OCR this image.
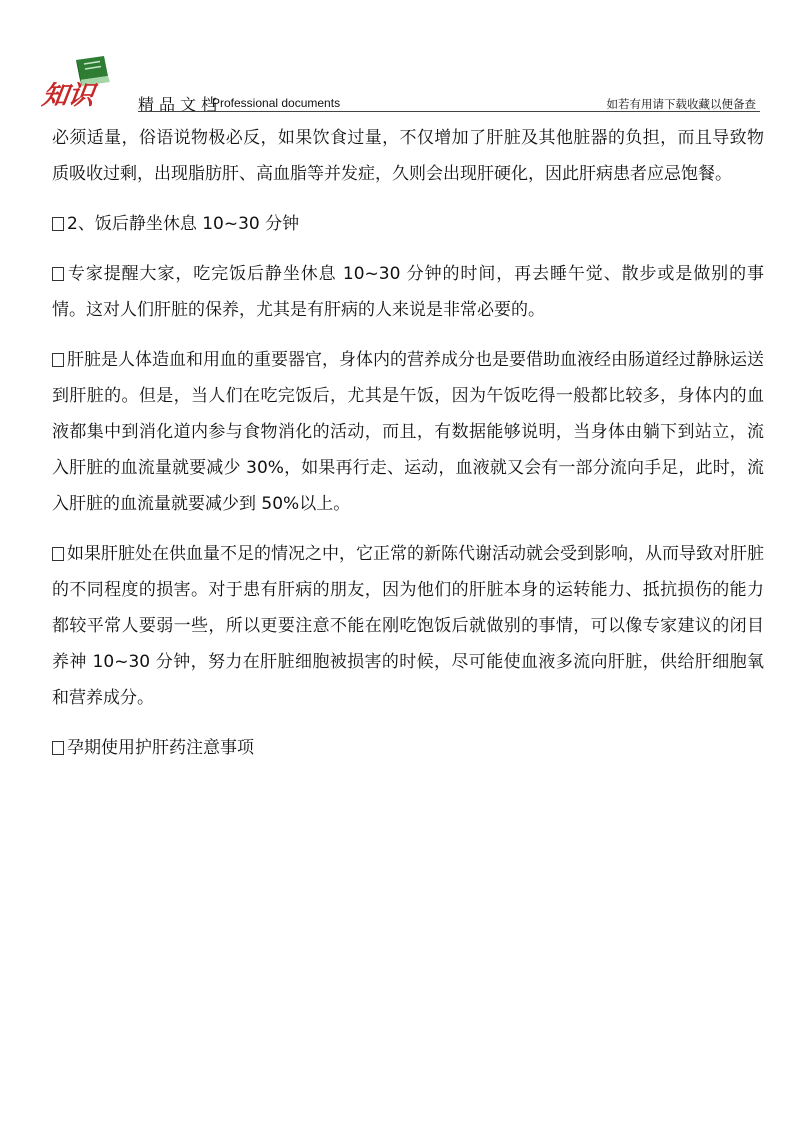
知识	精品文档
Professional documents	如若有用请下载收藏以便备查

必须适量，俗语说物极必反，如果饮食过量，不仅增加了肝脏及其他脏器的负担，而且导致物质吸收过剩，出现脂肪肝、高血脂等并发症，久则会出现肝硬化，因此肝病患者应忌饱餐。

2、饭后静坐休息 10~30 分钟

专家提醒大家，吃完饭后静坐休息 10~30 分钟的时间，再去睡午觉、散步或是做别的事情。这对人们肝脏的保养，尤其是有肝病的人来说是非常必要的。

肝脏是人体造血和用血的重要器官，身体内的营养成分也是要借助血液经由肠道经过静脉运送到肝脏的。但是，当人们在吃完饭后，尤其是午饭，因为午饭吃得一般都比较多，身体内的血液都集中到消化道内参与食物消化的活动，而且，有数据能够说明，当身体由躺下到站立，流入肝脏的血流量就要减少 30%，如果再行走、运动，血液就又会有一部分流向手足，此时，流入肝脏的血流量就要减少到 50%以上。

如果肝脏处在供血量不足的情况之中，它正常的新陈代谢活动就会受到影响，从而导致对肝脏的不同程度的损害。对于患有肝病的朋友，因为他们的肝脏本身的运转能力、抵抗损伤的能力都较平常人要弱一些，所以更要注意不能在刚吃饱饭后就做别的事情，可以像专家建议的闭目养神 10~30 分钟，努力在肝脏细胞被损害的时候，尽可能使血液多流向肝脏，供给肝细胞氧和营养成分。

孕期使用护肝药注意事项
